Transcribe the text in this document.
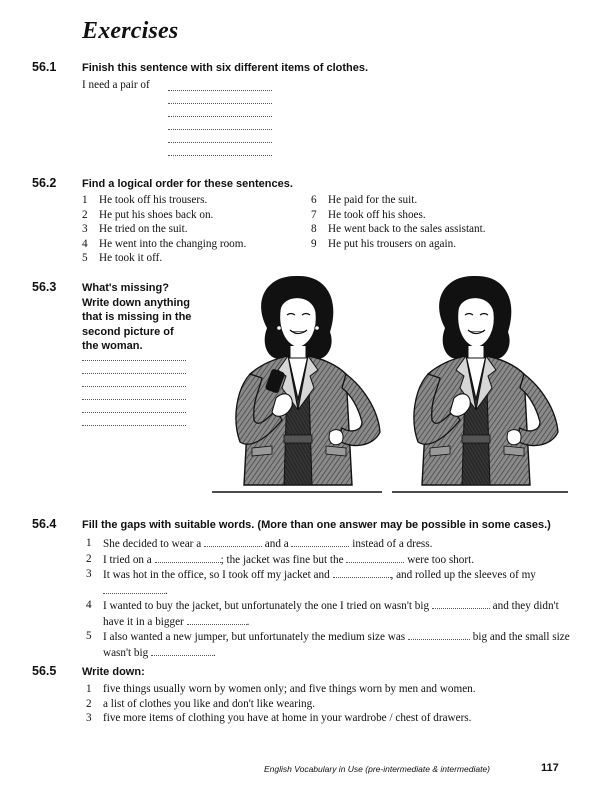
Exercises
56.1 Finish this sentence with six different items of clothes.
I need a pair of
56.2 Find a logical order for these sentences.
1 He took off his trousers.
2 He put his shoes back on.
3 He tried on the suit.
4 He went into the changing room.
5 He took it off.
6 He paid for the suit.
7 He took off his shoes.
8 He went back to the sales assistant.
9 He put his trousers on again.
56.3 What's missing?
Write down anything
that is missing in the
second picture of
the woman.
56.4 Fill the gaps with suitable words. (More than one answer may be possible in some cases.)
1 She decided to wear a	and a	instead of a dress.
2 I tried on a	; the jacket was fine but the	were too short.
3 It was hot in the office, so I took off my jacket and	, and rolled up the sleeves of my .
4 I wanted to buy the jacket, but unfortunately the one I tried on wasn't big	and they didn't have it in a bigger	.
5 I also wanted a new jumper, but unfortunately the medium size was	big and the small size wasn't big	.
56.5 Write down:
1 five things usually worn by women only; and five things worn by men and women.
2 a list of clothes you like and don't like wearing.
3 five more items of clothing you have at home in your wardrobe / chest of drawers.
English Vocabulary in Use (pre-intermediate & intermediate)	117
